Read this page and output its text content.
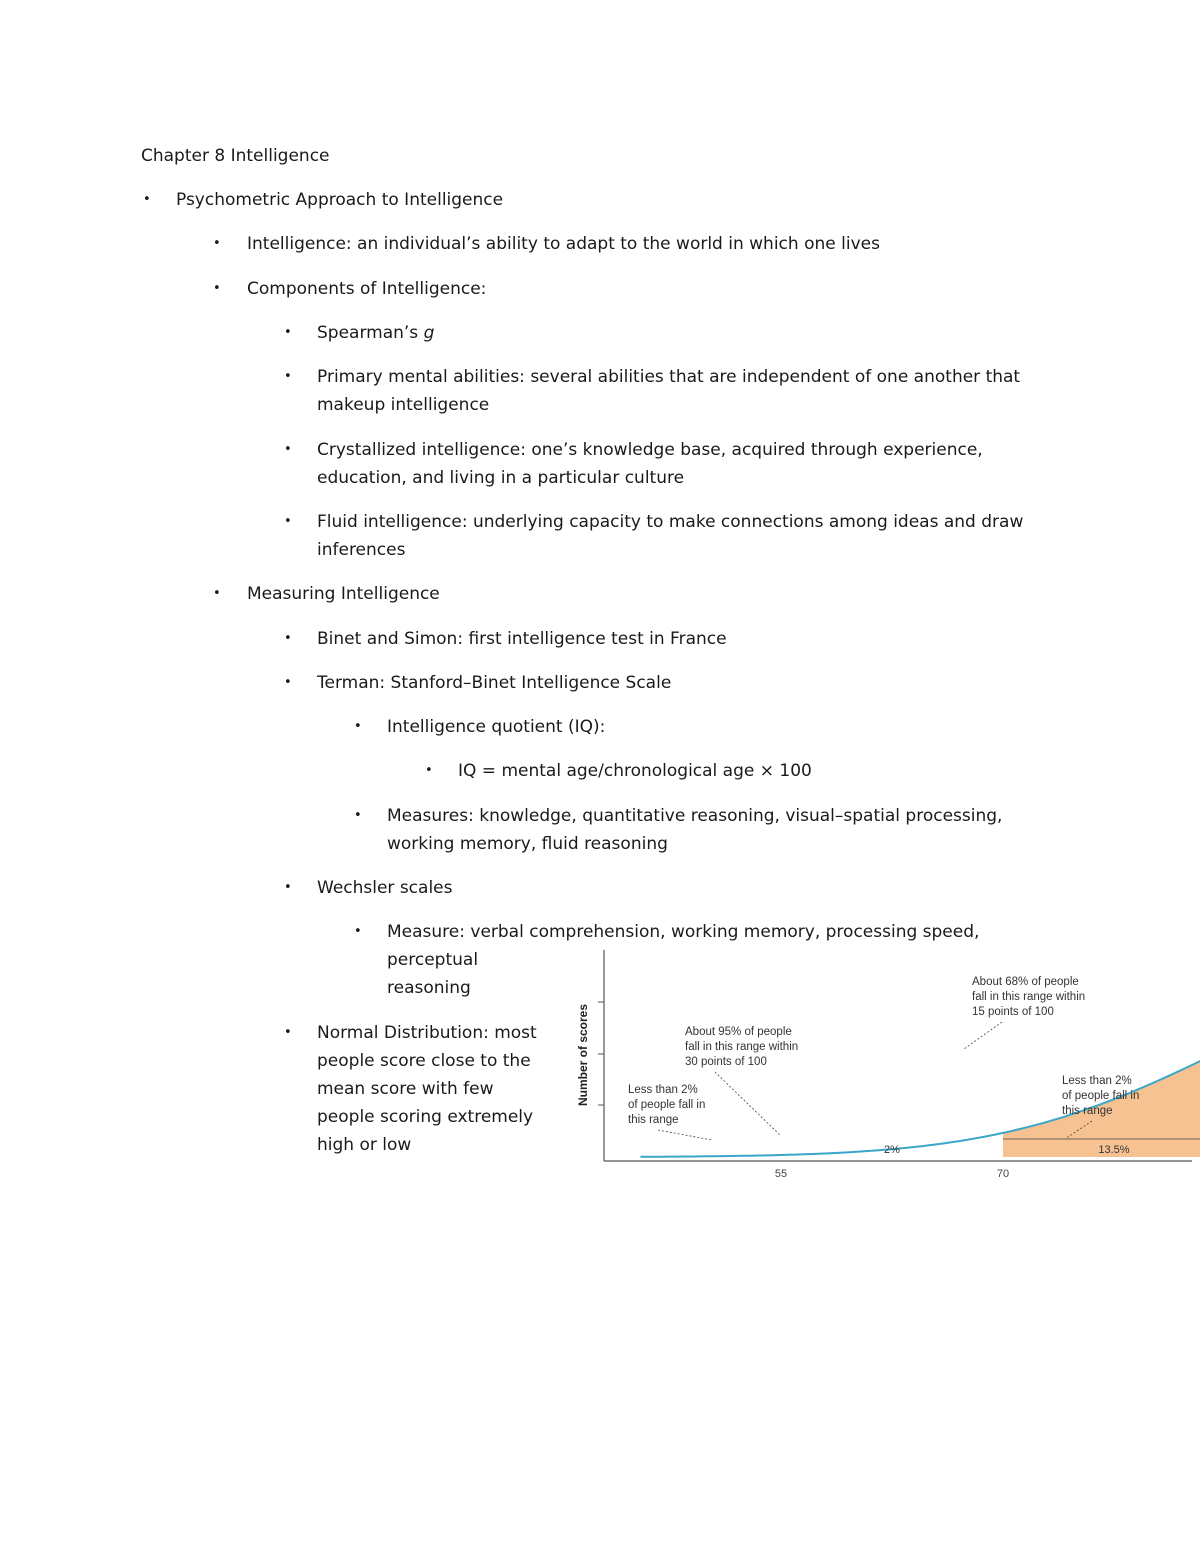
Chapter 8 Intelligence
• Psychometric Approach to Intelligence
• Intelligence: an individual’s ability to adapt to the world in which one lives
• Components of Intelligence:
• Spearman’s g
• Primary mental abilities: several abilities that are independent of one another that
makeup intelligence
• Crystallized intelligence: one’s knowledge base, acquired through experience,
education, and living in a particular culture
• Fluid intelligence: underlying capacity to make connections among ideas and draw
inferences
• Measuring Intelligence
• Binet and Simon: first intelligence test in France
• Terman: Stanford–Binet Intelligence Scale
• Intelligence quotient (IQ):
• IQ = mental age/chronological age × 100
• Measures: knowledge, quantitative reasoning, visual–spatial processing,
working memory, fluid reasoning
• Wechsler scales
• Measure: verbal comprehension, working memory, processing speed,
perceptual
reasoning
• Normal Distribution: most
people score close to the
mean score with few
people scoring extremely
high or low
55	70
Number of scores
2%	13.5%
About 68% of people
fall in this range within
15 points of 100
About 95% of people
fall in this range within
30 points of 100
Less than 2%
of people fall in
this range
Less than 2%
of people fall in
this range
